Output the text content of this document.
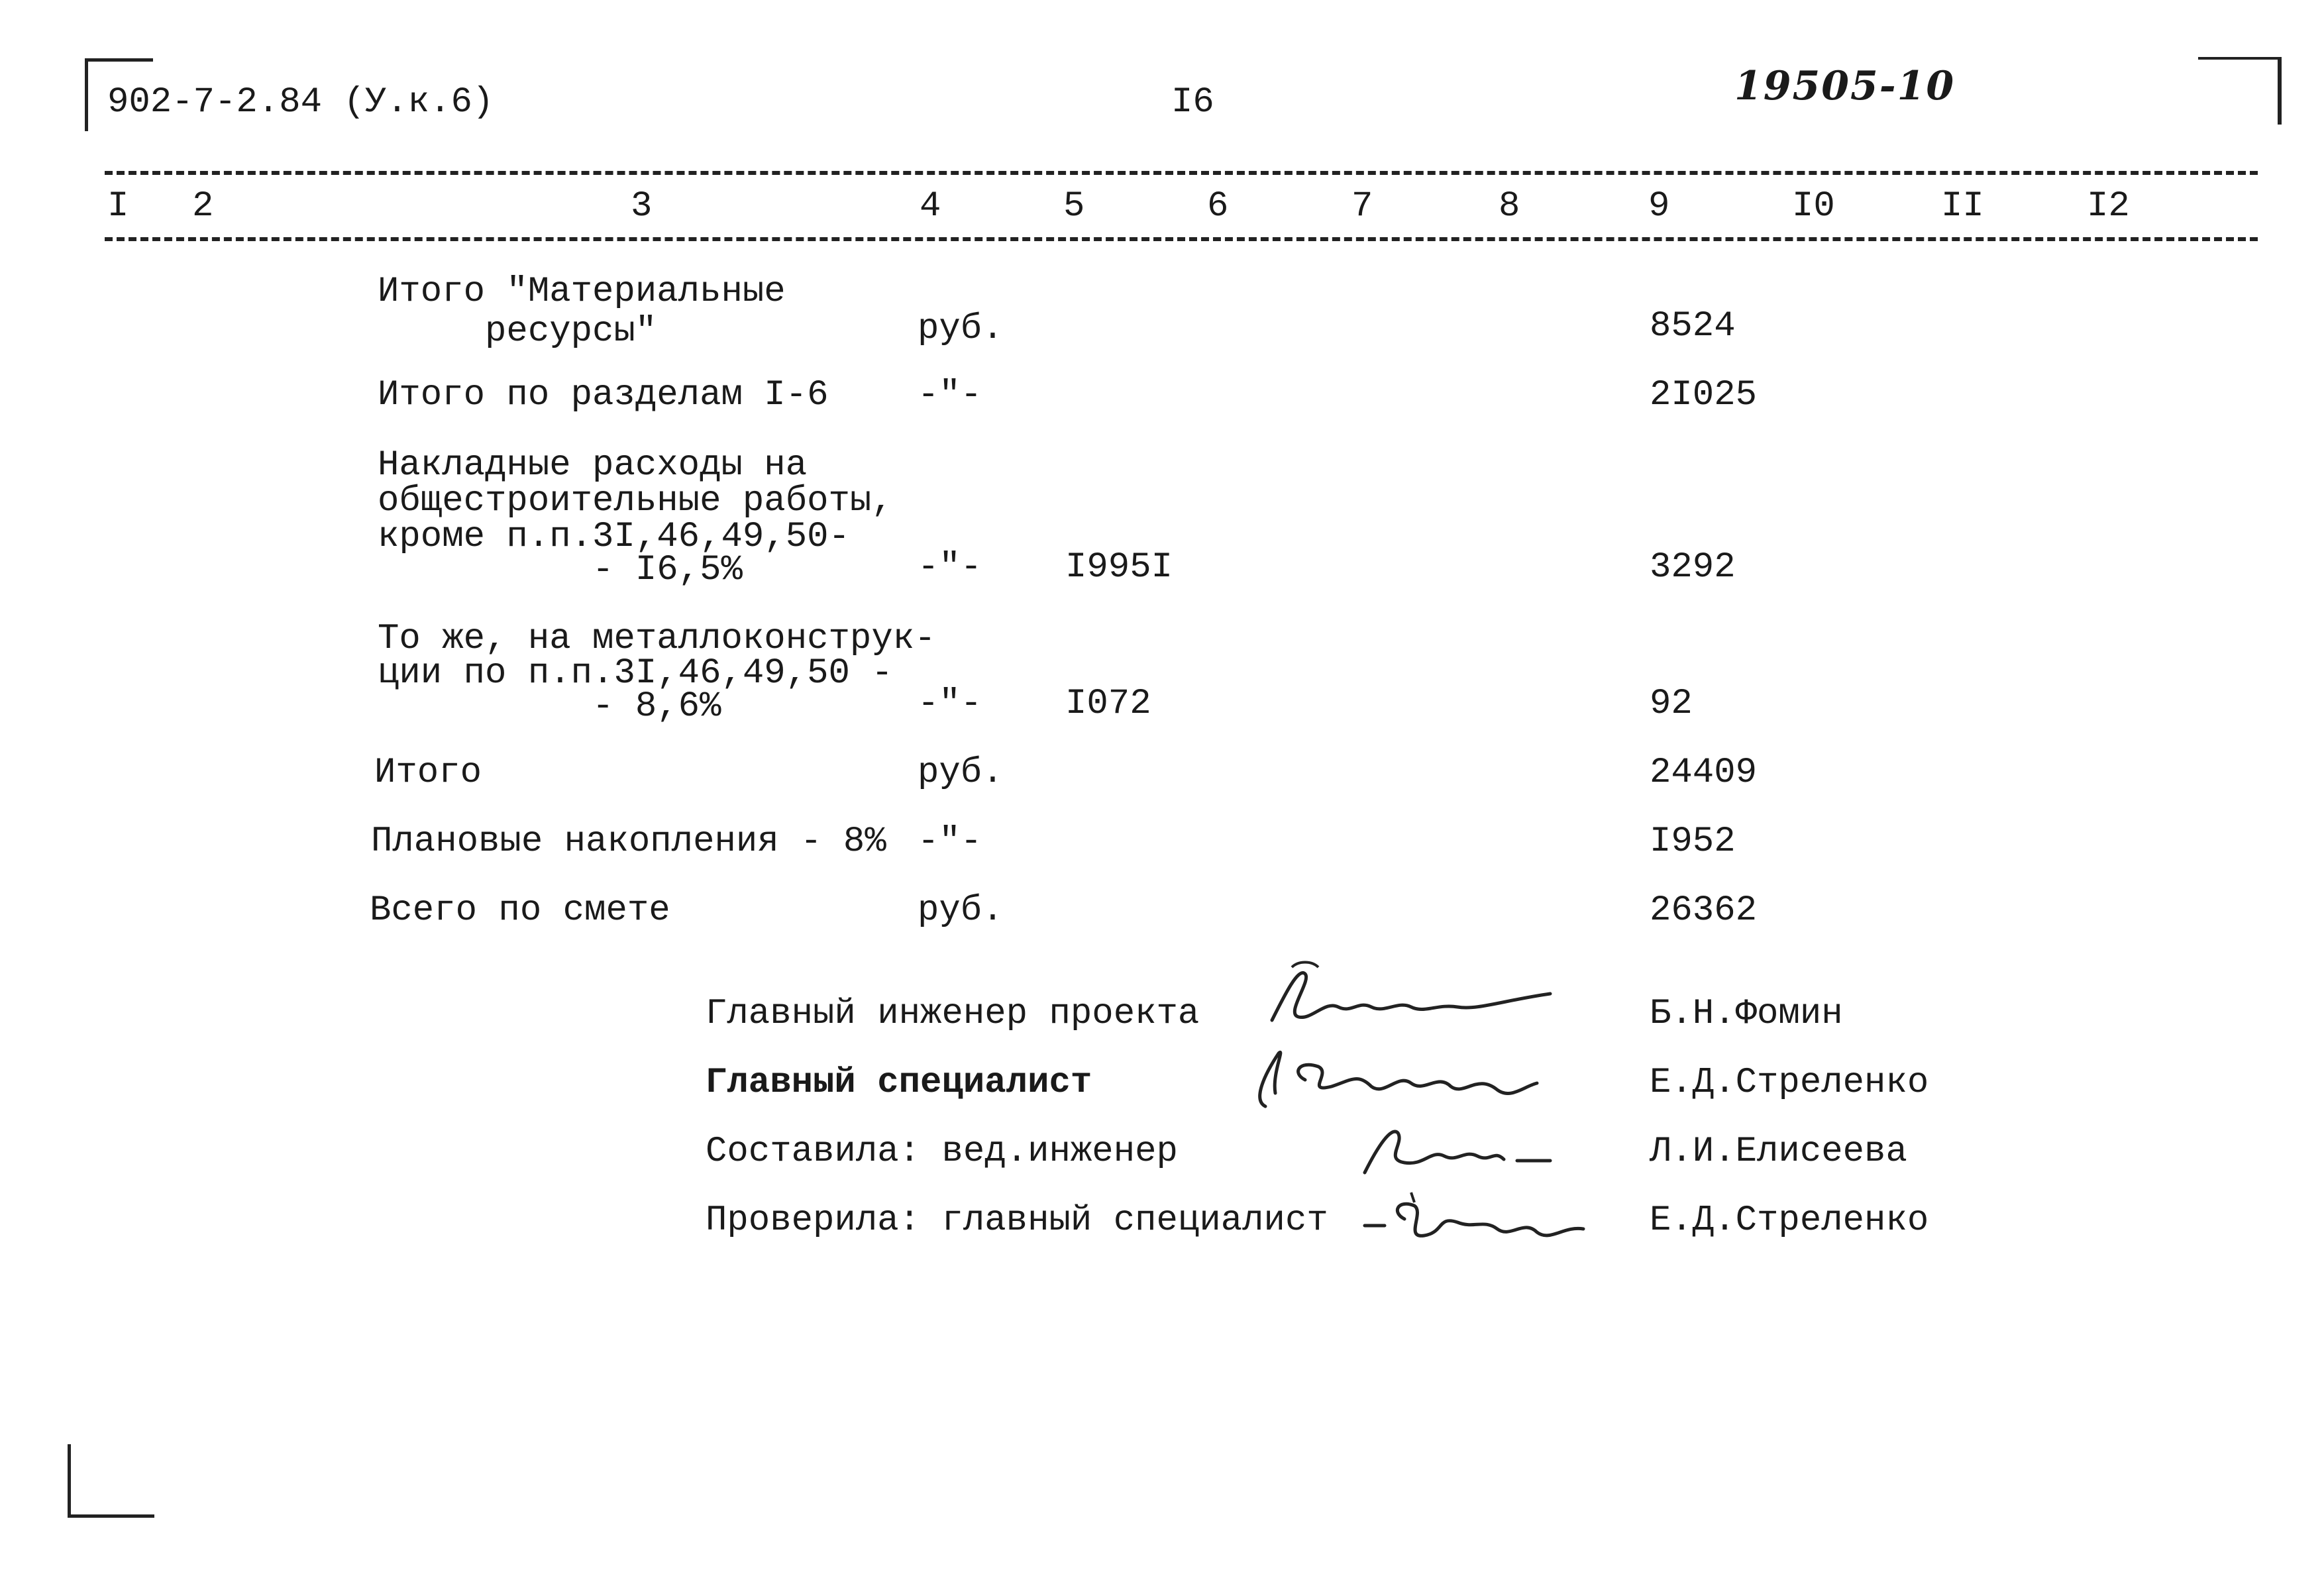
902-7-2.84 (У.к.6)	I6	19505-10
I 2	3	4	5	6	7	8	9	I0	II	I2
Итого "Материальные
ресурсы"	руб.	8524
Итого по разделам I-6 -"-	2I025
Накладные расходы на
общестроительные работы,
кроме п.п.3I,46,49,50-
- I6,5%	-"- I995I	3292
То же, на металлоконструк-
ции по п.п.3I,46,49,50 -
- 8,6%	-"- I072	92
Итого	руб.	24409
Плановые накопления - 8% -"-	I952
Всего по смете	руб.	26362
Главный инженер проекта	Б.Н.Фомин
Главный специалист	Е.Д.Стреленко
Составила: вед.инженер	Л.И.Елисеева
Проверила: главный специалист	Е.Д.Стреленко
